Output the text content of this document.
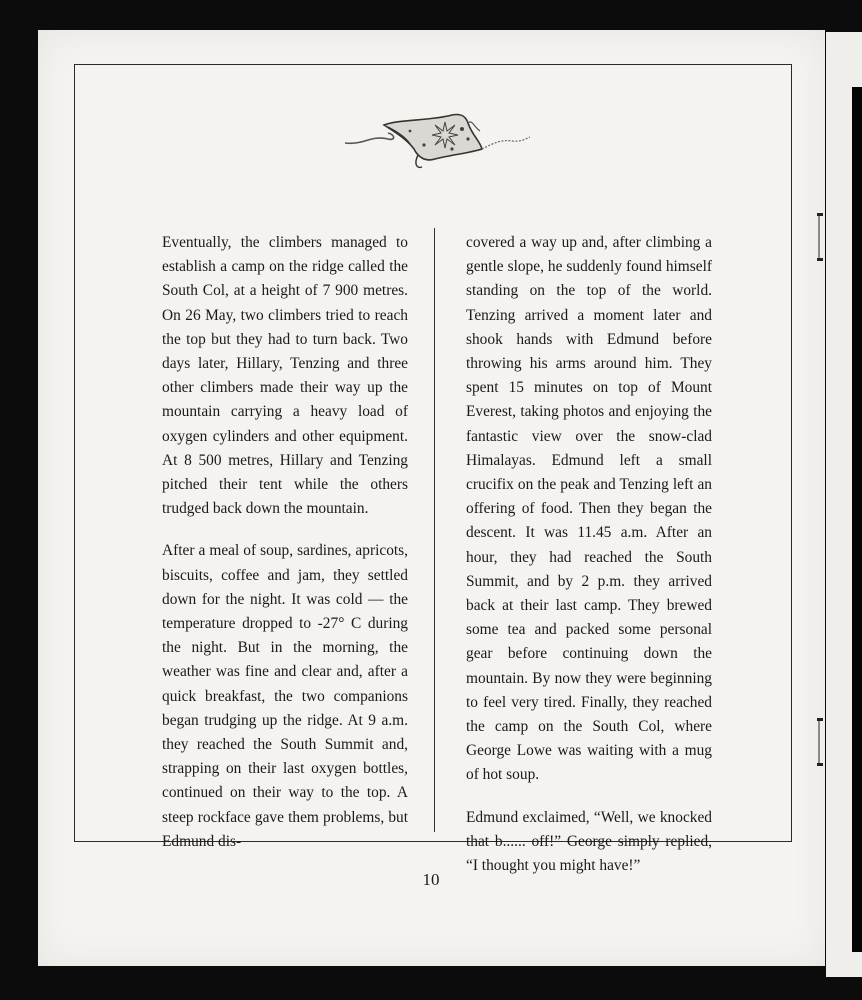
Eventually, the climbers managed to establish a camp on the ridge called the South Col, at a height of 7 900 metres. On 26 May, two climbers tried to reach the top but they had to turn back. Two days later, Hillary, Tenzing and three other climbers made their way up the mountain carrying a heavy load of oxygen cylinders and other equipment. At 8 500 metres, Hillary and Tenzing pitched their tent while the others trudged back down the mountain.

After a meal of soup, sardines, apricots, biscuits, coffee and jam, they settled down for the night. It was cold — the temperature dropped to -27° C during the night. But in the morning, the weather was fine and clear and, after a quick breakfast, the two companions began trudging up the ridge. At 9 a.m. they reached the South Summit and, strapping on their last oxygen bottles, continued on their way to the top. A steep rockface gave them problems, but Edmund dis-

covered a way up and, after climbing a gentle slope, he suddenly found himself standing on the top of the world. Tenzing arrived a moment later and shook hands with Edmund before throwing his arms around him. They spent 15 minutes on top of Mount Everest, taking photos and enjoying the fantastic view over the snow-clad Himalayas. Edmund left a small crucifix on the peak and Tenzing left an offering of food. Then they began the descent. It was 11.45 a.m. After an hour, they had reached the South Summit, and by 2 p.m. they arrived back at their last camp. They brewed some tea and packed some personal gear before continuing down the mountain. By now they were beginning to feel very tired. Finally, they reached the camp on the South Col, where George Lowe was waiting with a mug of hot soup.

Edmund exclaimed, “Well, we knocked that b...... off!” George simply replied, “I thought you might have!”

10
